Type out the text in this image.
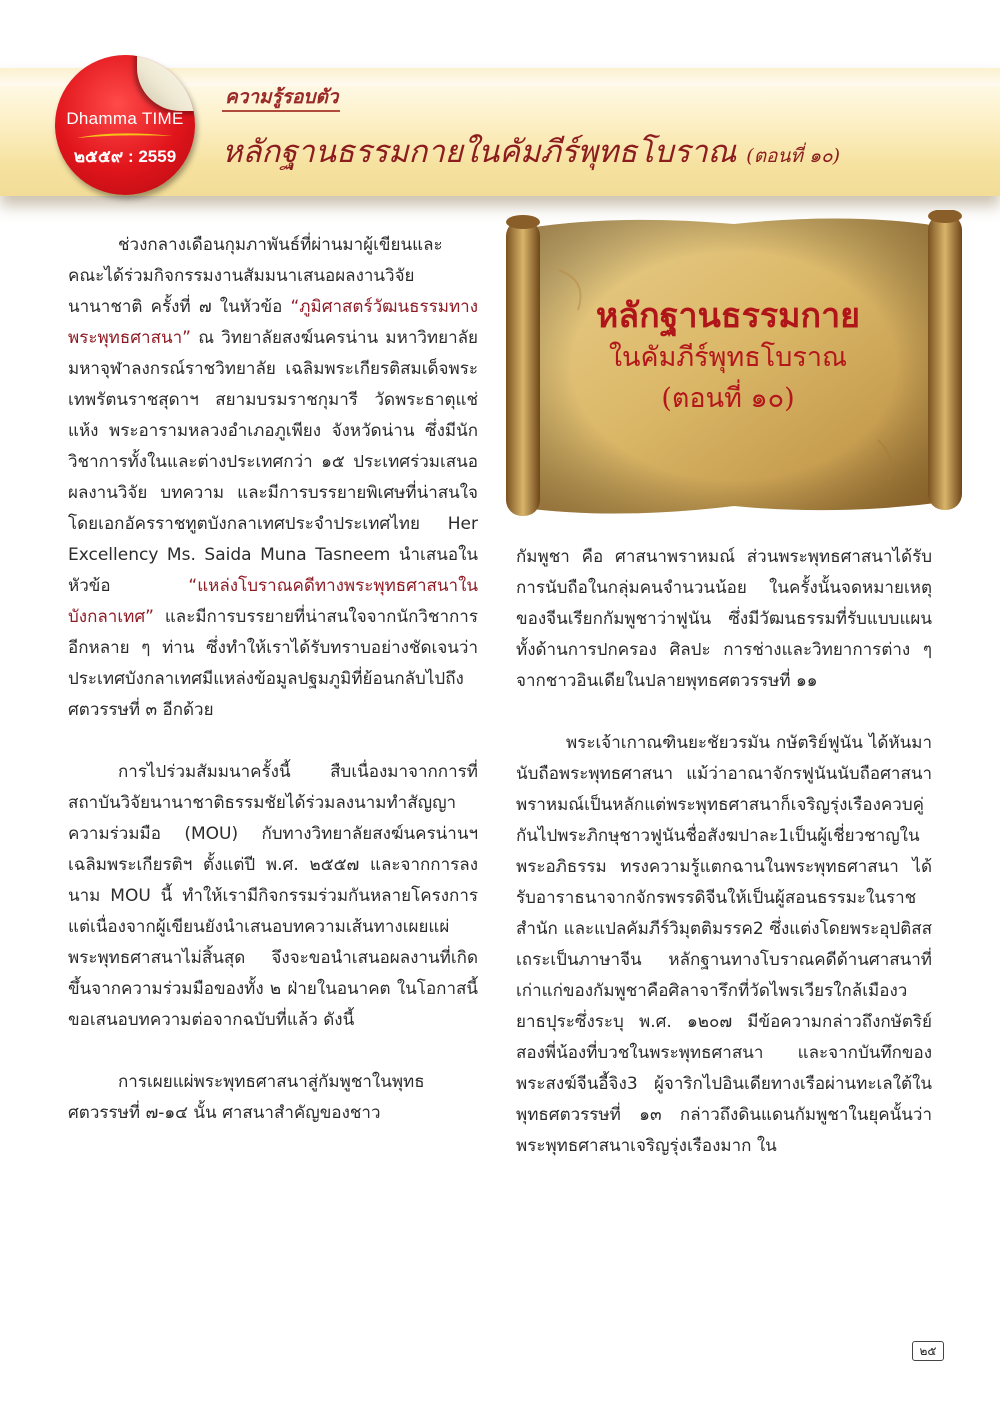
Dhamma TIME
๒๕๕๙ : 2559
ความรู้รอบตัว
หลักฐานธรรมกายในคัมภีร์พุทธโบราณ (ตอนที่ ๑๐)
หลักฐานธรรมกาย
ในคัมภีร์พุทธโบราณ
(ตอนที่ ๑๐)

ช่วงกลางเดือนกุมภาพันธ์ที่ผ่านมาผู้เขียนและคณะได้ร่วมกิจกรรมงานสัมมนาเสนอผลงานวิจัยนานาชาติ ครั้งที่ ๗ ในหัวข้อ “ภูมิศาสตร์วัฒนธรรมทางพระพุทธศาสนา” ณ วิทยาลัยสงฆ์นครน่าน มหาวิทยาลัยมหาจุฬาลงกรณ์ราชวิทยาลัย เฉลิมพระเกียรติสมเด็จพระเทพรัตนราชสุดาฯ สยามบรมราชกุมารี วัดพระธาตุแช่แห้ง พระอารามหลวงอำเภอภูเพียง จังหวัดน่าน ซึ่งมีนักวิชาการทั้งในและต่างประเทศกว่า ๑๕ ประเทศร่วมเสนอผลงานวิจัย บทความ และมีการบรรยายพิเศษที่น่าสนใจ โดยเอกอัครราชทูตบังกลาเทศประจำประเทศไทย Her Excellency Ms. Saida Muna Tasneem นำเสนอในหัวข้อ “แหล่งโบราณคดีทางพระพุทธศาสนาในบังกลาเทศ” และมีการบรรยายที่น่าสนใจจากนักวิชาการอีกหลาย ๆ ท่าน ซึ่งทำให้เราได้รับทราบอย่างชัดเจนว่า ประเทศบังกลาเทศมีแหล่งข้อมูลปฐมภูมิที่ย้อนกลับไปถึงศตวรรษที่ ๓ อีกด้วย

การไปร่วมสัมมนาครั้งนี้ สืบเนื่องมาจากการที่สถาบันวิจัยนานาชาติธรรมชัยได้ร่วมลงนามทำสัญญาความร่วมมือ (MOU) กับทางวิทยาลัยสงฆ์นครน่านฯ เฉลิมพระเกียรติฯ ตั้งแต่ปี พ.ศ. ๒๕๕๗ และจากการลงนาม MOU นี้ ทำให้เรามีกิจกรรมร่วมกันหลายโครงการแต่เนื่องจากผู้เขียนยังนำเสนอบทความเส้นทางเผยแผ่พระพุทธศาสนาไม่สิ้นสุด จึงจะขอนำเสนอผลงานที่เกิดขึ้นจากความร่วมมือของทั้ง ๒ ฝ่ายในอนาคต ในโอกาสนี้ขอเสนอบทความต่อจากฉบับที่แล้ว ดังนี้

การเผยแผ่พระพุทธศาสนาสู่กัมพูชาในพุทธศตวรรษที่ ๗-๑๔ นั้น ศาสนาสำคัญของชาว

กัมพูชา คือ ศาสนาพราหมณ์ ส่วนพระพุทธศาสนาได้รับการนับถือในกลุ่มคนจำนวนน้อย ในครั้งนั้นจดหมายเหตุของจีนเรียกกัมพูชาว่าฟูนัน ซึ่งมีวัฒนธรรมที่รับแบบแผนทั้งด้านการปกครอง ศิลปะ การช่างและวิทยาการต่าง ๆ จากชาวอินเดียในปลายพุทธศตวรรษที่ ๑๑

พระเจ้าเกาณฑินยะชัยวรมัน กษัตริย์ฟูนัน ได้หันมานับถือพระพุทธศาสนา แม้ว่าอาณาจักรฟูนันนับถือศาสนาพราหมณ์เป็นหลักแต่พระพุทธศาสนาก็เจริญรุ่งเรืองควบคู่กันไปพระภิกษุชาวฟูนันชื่อสังฆปาละ1เป็นผู้เชี่ยวชาญในพระอภิธรรม ทรงความรู้แตกฉานในพระพุทธศาสนา ได้รับอาราธนาจากจักรพรรดิจีนให้เป็นผู้สอนธรรมะในราชสำนัก และแปลคัมภีร์วิมุตติมรรค2 ซึ่งแต่งโดยพระอุปติสสเถระเป็นภาษาจีน หลักฐานทางโบราณคดีด้านศาสนาที่เก่าแก่ของกัมพูชาคือศิลาจารึกที่วัดไพรเวียรใกล้เมืองวยาธปุระซึ่งระบุ พ.ศ. ๑๒๐๗ มีข้อความกล่าวถึงกษัตริย์สองพี่น้องที่บวชในพระพุทธศาสนา และจากบันทึกของพระสงฆ์จีนอี้จิง3 ผู้จาริกไปอินเดียทางเรือผ่านทะเลใต้ในพุทธศตวรรษที่ ๑๓ กล่าวถึงดินแดนกัมพูชาในยุคนั้นว่า พระพุทธศาสนาเจริญรุ่งเรืองมาก ใน

๒๕
